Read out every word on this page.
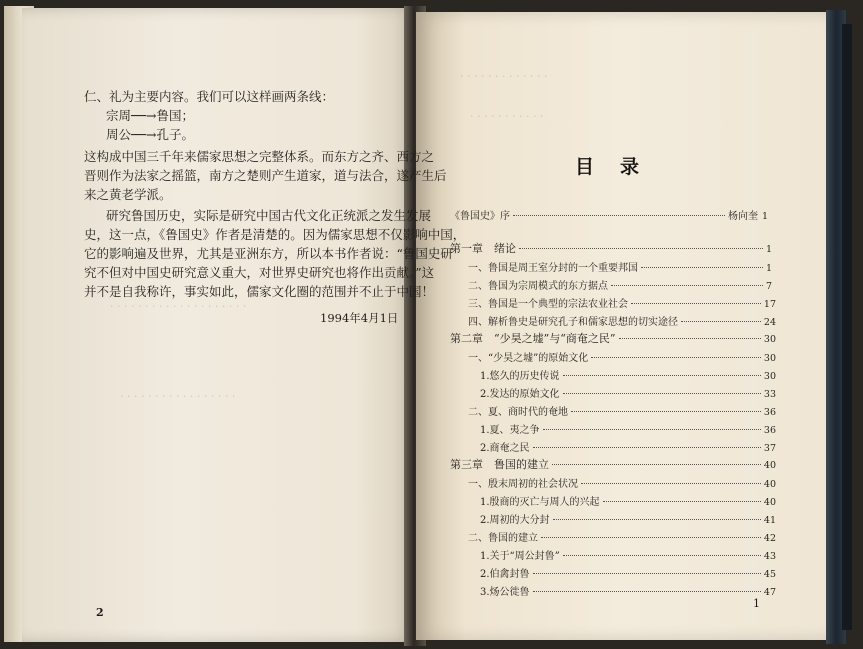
· · · · · · · · · · · · · · · · · · · ·
· · · · · · · · · · · · · · · · ·
· · · · · · · · · · · · ·
· · · · · · · · · · ·
仁、礼为主要内容。我们可以这样画两条线：
宗周──→鲁国；
周公──→孔子。
这构成中国三千年来儒家思想之完整体系。而东方之齐、西方之
晋则作为法家之摇篮，南方之楚则产生道家，道与法合，遂产生后
来之黄老学派。
研究鲁国历史，实际是研究中国古代文化正统派之发生发展
史，这一点，《鲁国史》作者是清楚的。因为儒家思想不仅影响中国，
它的影响遍及世界，尤其是亚洲东方，所以本书作者说：“鲁国史研
究不但对中国史研究意义重大，对世界史研究也将作出贡献。”这
并不是自我称许，事实如此，儒家文化圈的范围并不止于中国！
1994年4月1日
2
目录
《鲁国史》序	杨向奎 1
第一章　绪论	1
一、鲁国是周王室分封的一个重要邦国	1
二、鲁国为宗周模式的东方据点	7
三、鲁国是一个典型的宗法农业社会	17
四、解析鲁史是研究孔子和儒家思想的切实途径	24
第二章　“少昊之墟”与“商奄之民”	30
一、“少昊之墟”的原始文化	30
1.悠久的历史传说	30
2.发达的原始文化	33
二、夏、商时代的奄地	36
1.夏、夷之争	36
2.商奄之民	37
第三章　鲁国的建立	40
一、殷末周初的社会状况	40
1.殷商的灭亡与周人的兴起	40
2.周初的大分封	41
二、鲁国的建立	42
1.关于“周公封鲁”	43
2.伯禽封鲁	45
3.炀公徙鲁	47
1
